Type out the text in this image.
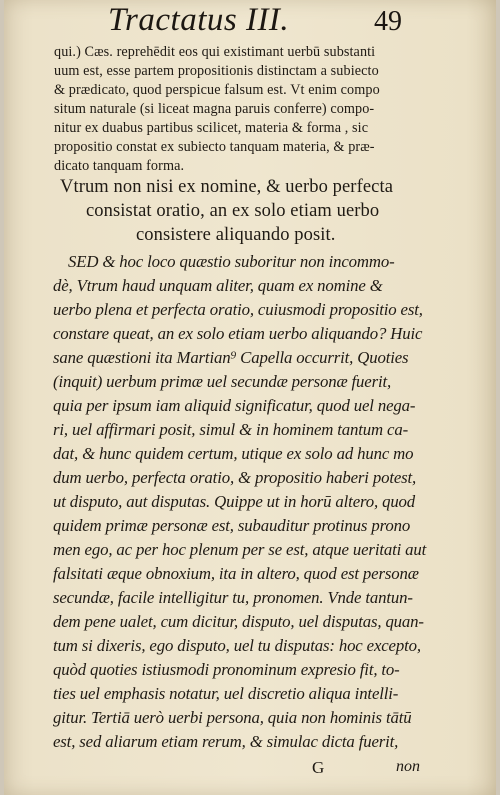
Tractatus III.	49
qui.) Cæs. reprehēdit eos qui existimant uerbū substanti
uum est, esse partem propositionis distinctam a subiecto
& prædicato, quod perspicue falsum est. Vt enim compo
situm naturale (si liceat magna paruis conferre) compo-
nitur ex duabus partibus scilicet, materia & forma , sic
propositio constat ex subiecto tanquam materia, & præ-
dicato tanquam forma.
Vtrum non nisi ex nomine, & uerbo perfecta
consistat oratio, an ex solo etiam uerbo
consistere aliquando posit.
SED & hoc loco quæstio suboritur non incommo-
dè, Vtrum haud unquam aliter, quam ex nomine &
uerbo plena et perfecta oratio, cuiusmodi propositio est,
constare queat, an ex solo etiam uerbo aliquando? Huic
sane quæstioni ita Martian⁹ Capella occurrit, Quoties
(inquit) uerbum primæ uel secundæ personæ fuerit,
quia per ipsum iam aliquid significatur, quod uel nega-
ri, uel affirmari posit, simul & in hominem tantum ca-
dat, & hunc quidem certum, utique ex solo ad hunc mo
dum uerbo, perfecta oratio, & propositio haberi potest,
ut disputo, aut disputas. Quippe ut in horū altero, quod
quidem primæ personæ est, subauditur protinus prono
men ego, ac per hoc plenum per se est, atque ueritati aut
falsitati æque obnoxium, ita in altero, quod est personæ
secundæ, facile intelligitur tu, pronomen. Vnde tantun-
dem pene ualet, cum dicitur, disputo, uel disputas, quan-
tum si dixeris, ego disputo, uel tu disputas: hoc excepto,
quòd quoties istiusmodi pronominum expresio fit, to-
ties uel emphasis notatur, uel discretio aliqua intelli-
gitur. Tertiā uerò uerbi persona, quia non hominis tātū
est, sed aliarum etiam rerum, & simulac dicta fuerit,
G	non
